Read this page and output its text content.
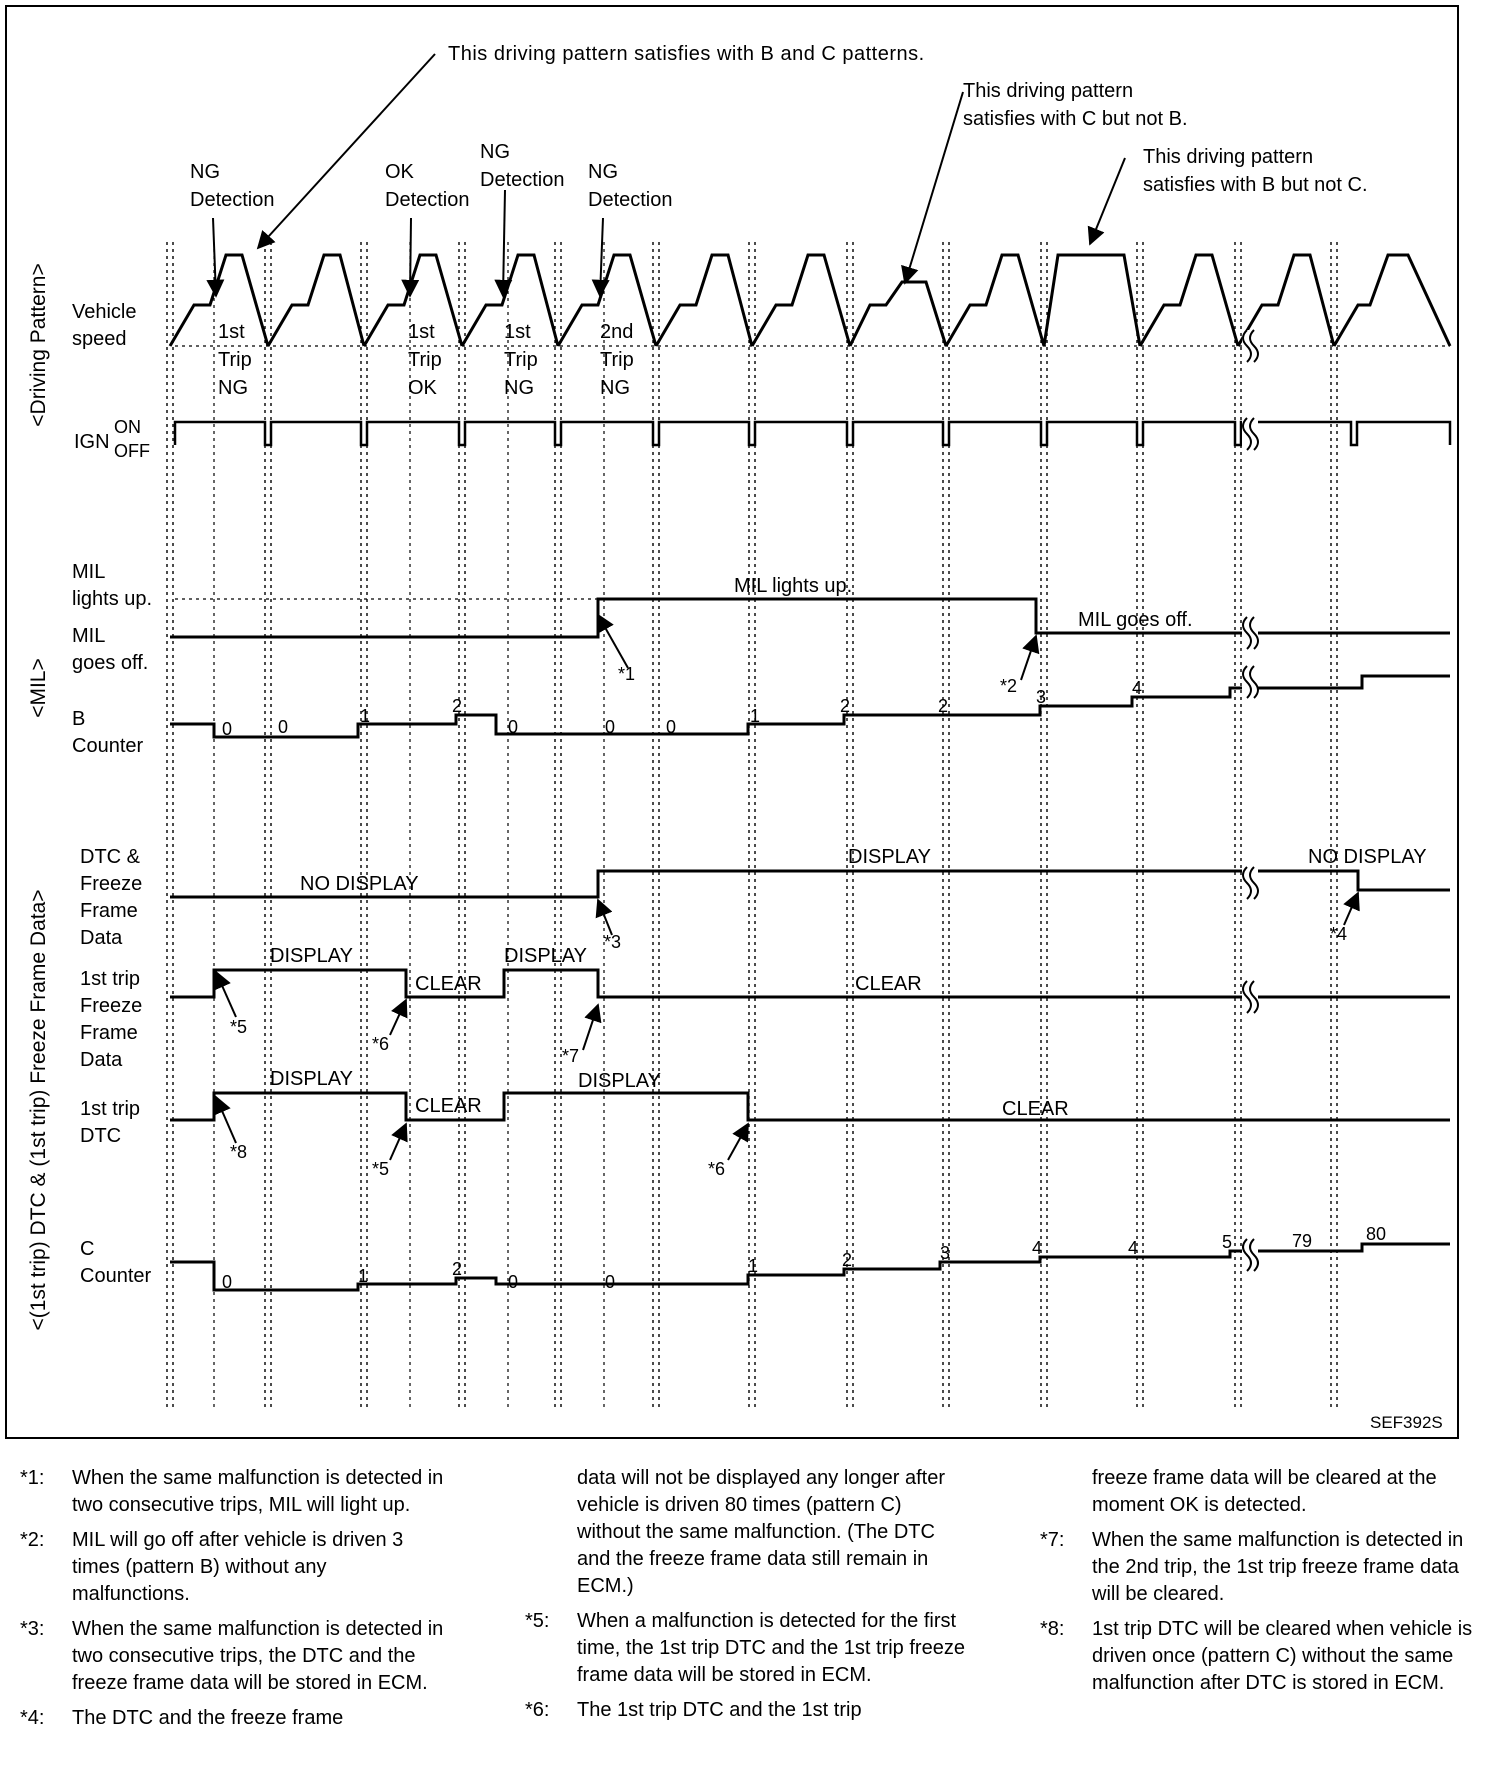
<Driving Pattern>
<MIL>
<(1st trip) DTC & (1st trip) Freeze Frame Data>
This driving pattern satisfies with B and C patterns.
This driving pattern
satisfies with C but not B.
This driving pattern
satisfies with B but not C.
NG
Detection
OK
Detection
NG
Detection NG
Detection
1st
Trip
NG
1st
Trip
OK
1st
Trip
NG
2nd
Trip
NG
Vehicle
speed
IGN
ON
OFF
MIL
lights up.
MIL
goes off.
B
Counter
DTC &
Freeze
Frame
Data
1st trip
Freeze
Frame
Data
1st trip
DTC
C
Counter
MIL lights up.
MIL goes off.
NO DISPLAY
DISPLAY	NO DISPLAY
DISPLAY
CLEAR
DISPLAY
CLEAR
DISPLAY
CLEAR
DISPLAY
CLEAR
0	0
1	2
0	0	0
1	2	2	3	4
0	1	2
0	0
1	2	3	4	4	5	79	80
*1
*2
*3	*4
*5
*6
*7
*8
*5	*6
SEF392S
*1:	When the same malfunction is detected in two consecutive trips, MIL will light up.
*2:	MIL will go off after vehicle is driven 3 times (pattern B) without any malfunctions.
*3:	When the same malfunction is detected in two consecutive trips, the DTC and the freeze frame data will be stored in ECM.
*4:	The DTC and the freeze frame
data will not be displayed any longer after vehicle is driven 80 times (pattern C) without the same malfunction. (The DTC and the freeze frame data still remain in ECM.)
*5:	When a malfunction is detected for the first time, the 1st trip DTC and the 1st trip freeze frame data will be stored in ECM.
*6:	The 1st trip DTC and the 1st trip
freeze frame data will be cleared at the moment OK is detected.
*7:	When the same malfunction is detected in the 2nd trip, the 1st trip freeze frame data will be cleared.
*8:	1st trip DTC will be cleared when vehicle is driven once (pattern C) without the same malfunction after DTC is stored in ECM.
